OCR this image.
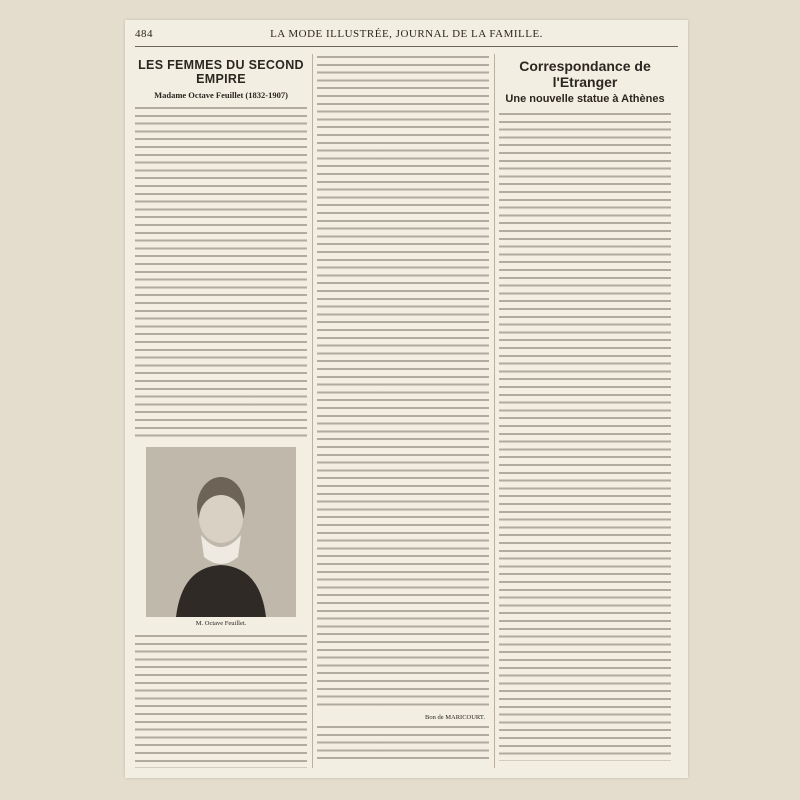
484	LA MODE ILLUSTRÉE, JOURNAL DE LA FAMILLE.
LES FEMMES DU SECOND EMPIRE
Madame Octave Feuillet (1832-1907)
M. Octave Feuillet.
Bon de MARICOURT.
Correspondance de l'Etranger
Une nouvelle statue à Athènes
